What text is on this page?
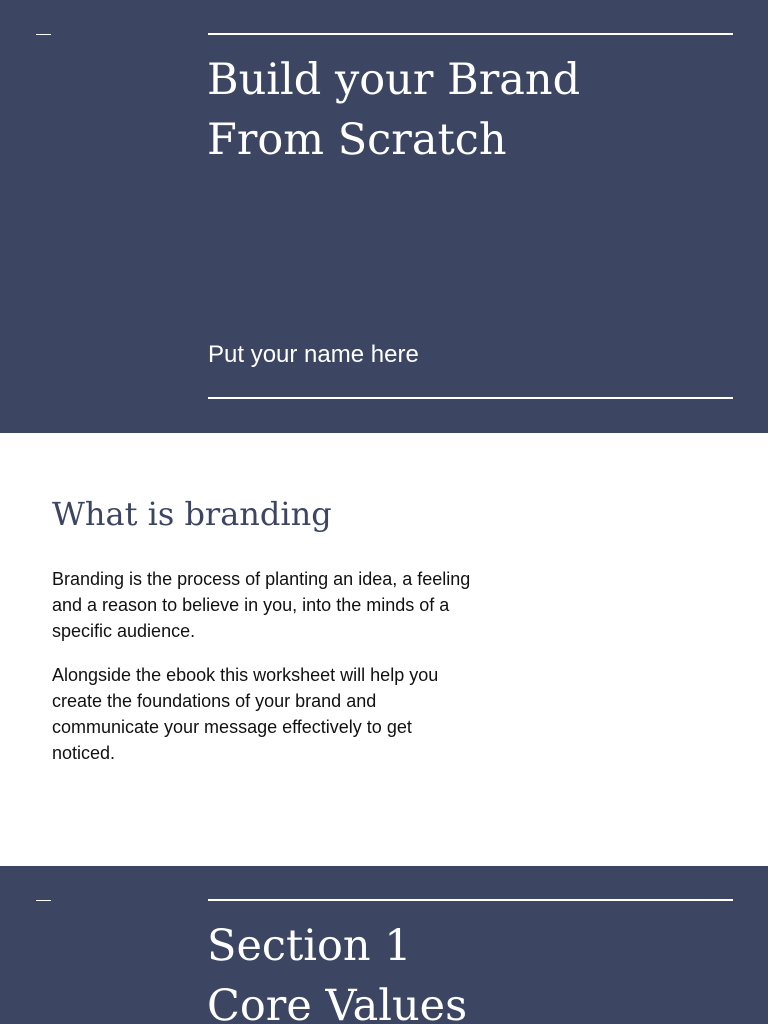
Build your Brand
From Scratch
Put your name here
What is branding

Branding is the process of planting an idea, a feeling and a reason to believe in you, into the minds of a specific audience.

Alongside the ebook this worksheet will help you create the foundations of your brand and communicate your message effectively to get noticed.

Section 1
Core Values
